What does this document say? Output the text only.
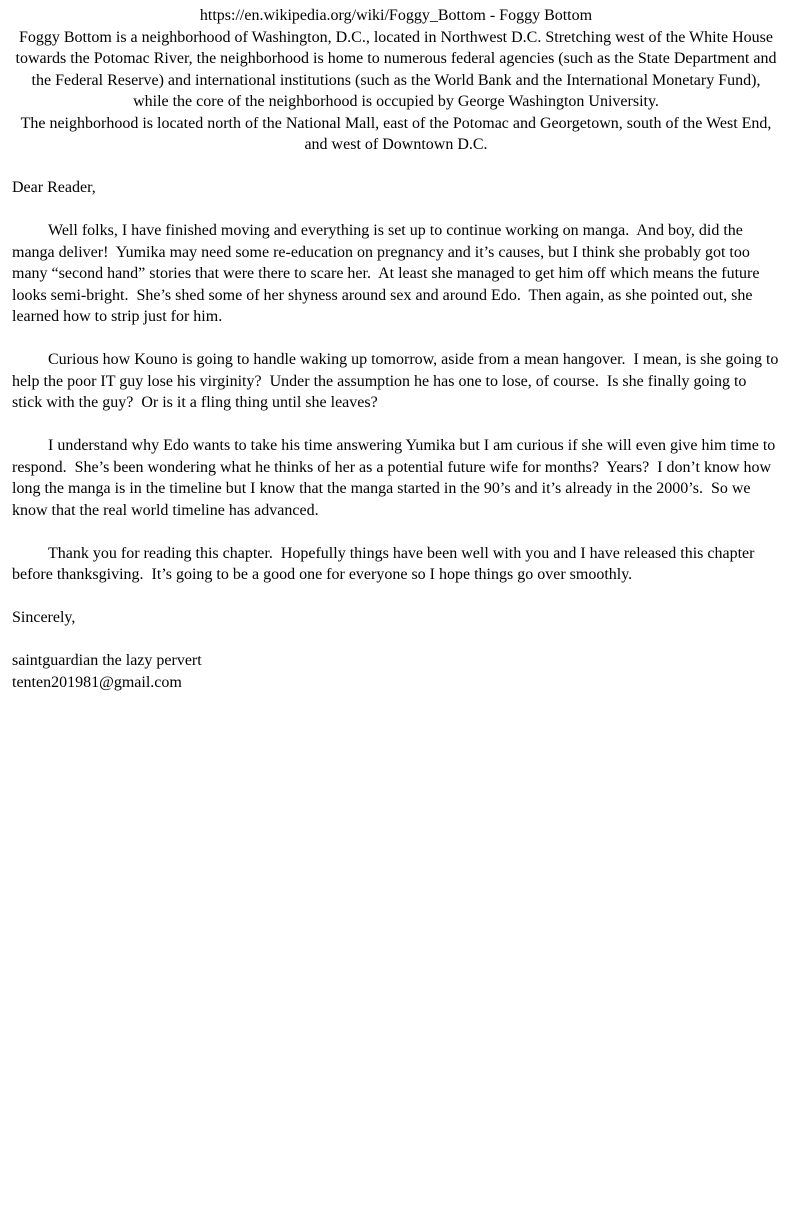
https://en.wikipedia.org/wiki/Foggy_Bottom - Foggy Bottom

Foggy Bottom is a neighborhood of Washington, D.C., located in Northwest D.C. Stretching west of the White House towards the Potomac River, the neighborhood is home to numerous federal agencies (such as the State Department and the Federal Reserve) and international institutions (such as the World Bank and the International Monetary Fund), while the core of the neighborhood is occupied by George Washington University.

The neighborhood is located north of the National Mall, east of the Potomac and Georgetown, south of the West End, and west of Downtown D.C.

Dear Reader,

Well folks, I have finished moving and everything is set up to continue working on manga.  And boy, did the manga deliver!  Yumika may need some re-education on pregnancy and it’s causes, but I think she probably got too many “second hand” stories that were there to scare her.  At least she managed to get him off which means the future looks semi-bright.  She’s shed some of her shyness around sex and around Edo.  Then again, as she pointed out, she learned how to strip just for him.

Curious how Kouno is going to handle waking up tomorrow, aside from a mean hangover.  I mean, is she going to help the poor IT guy lose his virginity?  Under the assumption he has one to lose, of course.  Is she finally going to stick with the guy?  Or is it a fling thing until she leaves?

I understand why Edo wants to take his time answering Yumika but I am curious if she will even give him time to respond.  She’s been wondering what he thinks of her as a potential future wife for months?  Years?  I don’t know how long the manga is in the timeline but I know that the manga started in the 90’s and it’s already in the 2000’s.  So we know that the real world timeline has advanced.

Thank you for reading this chapter.  Hopefully things have been well with you and I have released this chapter before thanksgiving.  It’s going to be a good one for everyone so I hope things go over smoothly.

Sincerely,

saintguardian the lazy pervert

tenten201981@gmail.com
